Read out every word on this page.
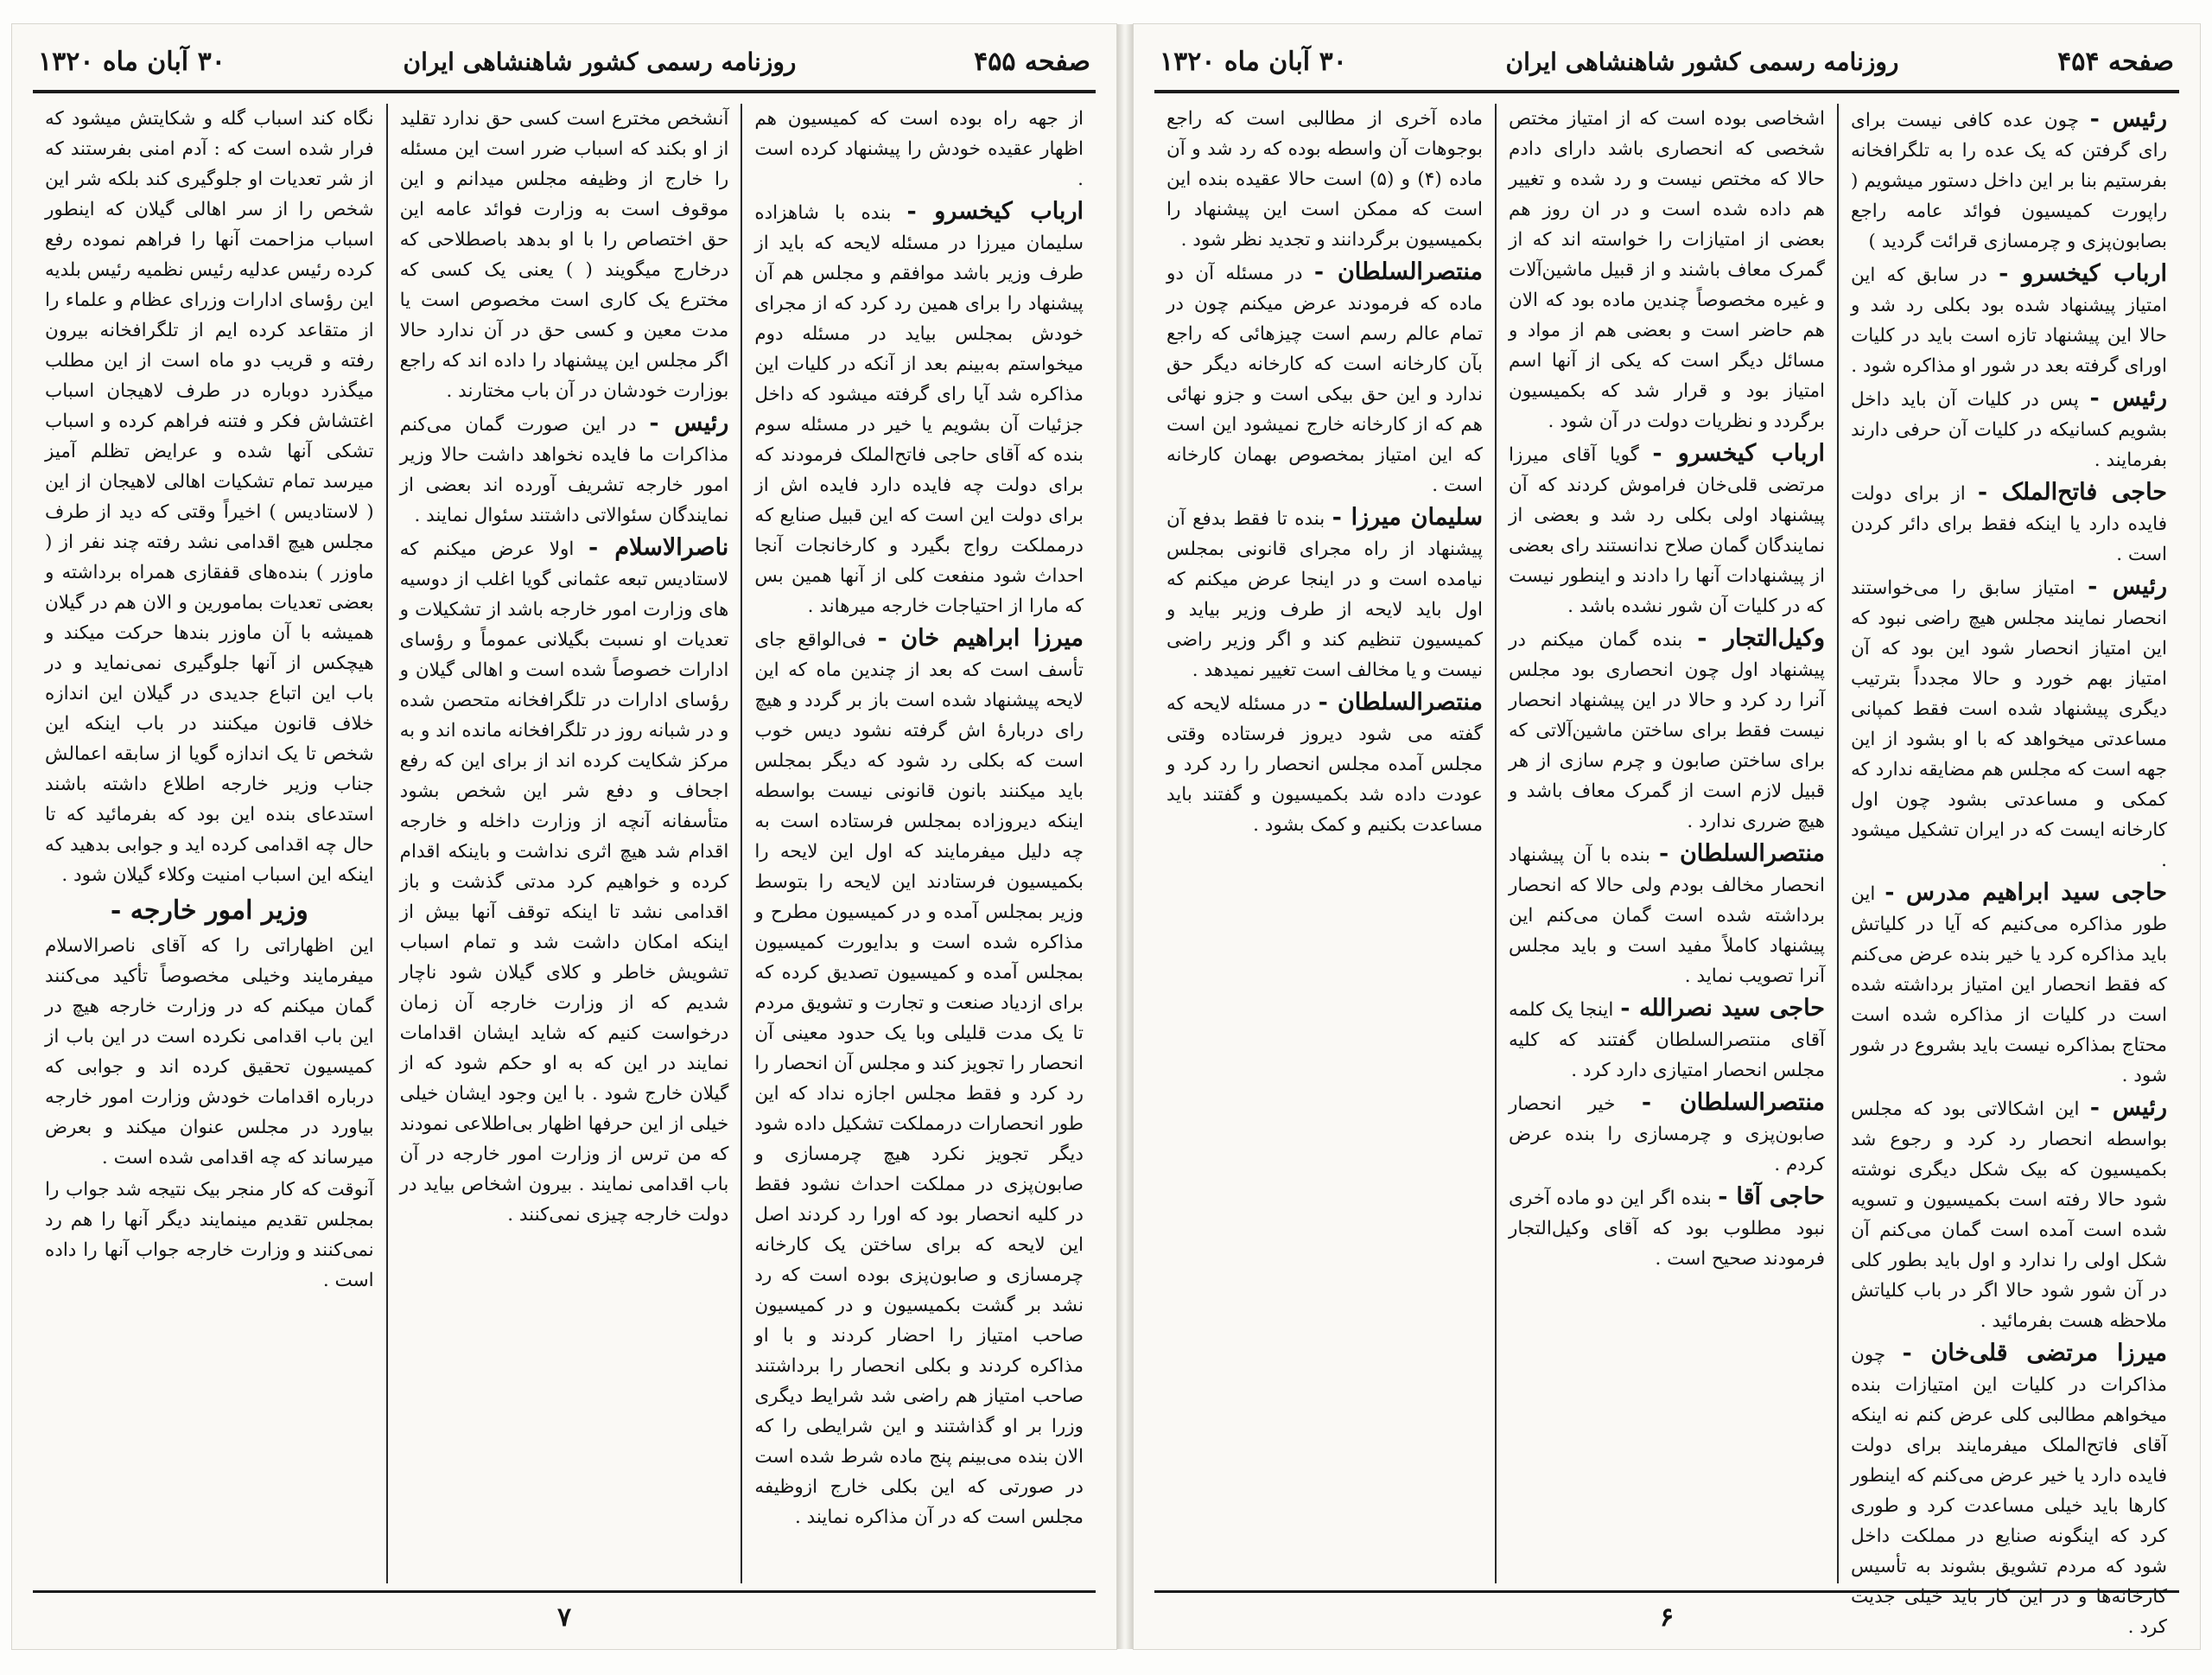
صفحه ۴۵۵
روزنامه رسمی کشور شاهنشاهی ایران
۳۰ آبان ماه ۱۳۲۰

از جهه راه بوده است که کمیسیون هم اظهار عقیده خودش را پیشنهاد کرده است .

ارباب کیخسرو - بنده با شاهزاده سلیمان میرزا در مسئله لایحه که باید از طرف وزیر باشد موافقم و مجلس هم آن پیشنهاد را برای همین رد کرد که از مجرای خودش بمجلس بیاید در مسئله دوم میخواستم به‌بینم بعد از آنکه در کلیات این مذاکره شد آیا رای گرفته میشود که داخل جزئیات آن بشویم یا خیر در مسئله سوم بنده که آقای حاجی فاتح‌الملک فرمودند که برای دولت چه فایده دارد فایده اش از برای دولت این است که این قبیل صنایع که درمملکت رواج بگیرد و کارخانجات آنجا احداث شود منفعت کلی از آنها همین بس که مارا از احتیاجات خارجه میرهاند .

میرزا ابراهیم خان - فی‌الواقع جای تأسف است که بعد از چندین ماه که این لایحه پیشنهاد شده است باز بر گردد و هیچ رای دربارهٔ اش گرفته نشود دیس خوب است که بکلی رد شود که دیگر بمجلس باید میکنند بانون قانونی نیست بواسطه اینکه دیروزاده بمجلس فرستاده است به چه دلیل میفرمایند که اول این لایحه را بکمیسیون فرستادند این لایحه را بتوسط وزیر بمجلس آمده و در کمیسیون مطرح و مذاکره شده است و بدایورت کمیسیون بمجلس آمده و کمیسیون تصدیق کرده که برای ازدیاد صنعت و تجارت و تشویق مردم تا یک مدت قلیلی وبا یک حدود معینی آن انحصار را تجویز کند و مجلس آن انحصار را رد کرد و فقط مجلس اجازه نداد که این طور انحصارات درمملکت تشکیل داده شود دیگر تجویز نکرد هیچ چرمسازی و صابون‌پزی در مملکت احداث نشود فقط در کلیه انحصار بود که اورا رد کردند اصل این لایحه که برای ساختن یک کارخانه چرمسازی و صابون‌پزی بوده است که رد نشد بر گشت بکمیسیون و در کمیسیون صاحب امتیاز را احضار کردند و با او مذاکره کردند و بکلی انحصار را برداشتند صاحب امتیاز هم راضی شد شرایط دیگری وزرا بر او گذاشتند و این شرایطی را که الان بنده می‌بینم پنج ماده شرط شده است در صورتی که این بکلی خارج ازوظیفه مجلس است که در آن مذاکره نمایند .

آنشخص مخترع است کسی حق ندارد تقلید از او بکند که اسباب ضرر است این مسئله را خارج از وظیفه مجلس میدانم و این موقوف است به وزارت فوائد عامه این حق اختصاص را با او بدهد باصطلاحی که درخارج میگویند ( ) یعنی یک کسی که مخترع یک کاری است مخصوص است یا مدت معین و کسی حق در آن ندارد حالا اگر مجلس این پیشنهاد را داده اند که راجع بوزارت خودشان در آن باب مختارند .

رئیس - در این صورت گمان می‌کنم مذاکرات ما فایده نخواهد داشت حالا وزیر امور خارجه تشریف آورده اند بعضی از نمایندگان سئوالاتی داشتند سئوال نمایند .

ناصرالاسلام - اولا عرض میکنم که لاستادیس تبعه عثمانی گویا اغلب از دوسیه های وزارت امور خارجه باشد از تشکیلات و تعدیات او نسبت بگیلانی عموماً و رؤسای ادارات خصوصاً شده است و اهالی گیلان و رؤسای ادارات در تلگرافخانه متحصن شده و در شبانه روز در تلگرافخانه مانده اند و به مرکز شکایت کرده اند از برای این که رفع اجحاف و دفع شر این شخص بشود متأسفانه آنچه از وزارت داخله و خارجه اقدام شد هیچ اثری نداشت و باینکه اقدام کرده و خواهیم کرد مدتی گذشت و باز اقدامی نشد تا اینکه توقف آنها بیش از اینکه امکان داشت شد و تمام اسباب تشویش خاطر و کلای گیلان شود ناچار شدیم که از وزارت خارجه آن زمان درخواست کنیم که شاید ایشان اقدامات نمایند در این که به او حکم شود که از گیلان خارج شود . با این وجود ایشان خیلی خیلی از این حرفها اظهار بی‌اطلاعی نمودند که من ترس از وزارت امور خارجه در آن باب اقدامی نمایند . بیرون اشخاص بیاید در دولت خارجه چیزی نمی‌کنند .

نگاه کند اسباب گله و شکایتش میشود که فرار شده است که : آدم امنی بفرستند که از شر تعدیات او جلوگیری کند بلکه شر این شخص را از سر اهالی گیلان که اینطور اسباب مزاحمت آنها را فراهم نموده رفع کرده رئیس عدلیه رئیس نظمیه رئیس بلدیه این رؤسای ادارات وزرای عظام و علماء را از متقاعد کرده ایم از تلگرافخانه بیرون رفته و قریب دو ماه است از این مطلب میگذرد دوباره در طرف لاهیجان اسباب اغتشاش فکر و فتنه فراهم کرده و اسباب تشکی آنها شده و عرایض تظلم آمیز میرسد تمام تشکیات اهالی لاهیجان از این ( لاستادیس ) اخیراً وقتی که دید از طرف مجلس هیچ اقدامی نشد رفته چند نفر از ( ماوزر ) بنده‌های قفقازی همراه برداشته و بعضی تعدیات بمامورین و الان هم در گیلان همیشه با آن ماوزر بندها حرکت میکند و هیچکس از آنها جلوگیری نمی‌نماید و در باب این اتباع جدیدی در گیلان این اندازه خلاف قانون میکنند در باب اینکه این شخص تا یک اندازه گویا از سابقه اعمالش جناب وزیر خارجه اطلاع داشته باشند استدعای بنده این بود که بفرمائید که تا حال چه اقدامی کرده اید و جوابی بدهید که اینکه این اسباب امنیت وکلاء گیلان شود .

وزیر امور خارجه -
این اظهاراتی را که آقای ناصرالاسلام میفرمایند وخیلی مخصوصاً تأکید می‌کنند گمان میکنم که در وزارت خارجه هیچ در این باب اقدامی نکرده است در این باب از کمیسیون تحقیق کرده اند و جوابی که درباره اقدامات خودش وزارت امور خارجه بیاورد در مجلس عنوان میکند و بعرض میرساند که چه اقدامی شده است .

آنوقت که کار منجر بیک نتیجه شد جواب را بمجلس تقدیم مینمایند دیگر آنها را هم رد نمی‌کنند و وزارت خارجه جواب آنها را داده است .

۷
صفحه ۴۵۴
روزنامه رسمی کشور شاهنشاهی ایران
۳۰ آبان ماه ۱۳۲۰

رئیس - چون عده کافی نیست برای رای گرفتن که یک عده را به تلگرافخانه بفرستیم بنا بر این داخل دستور میشویم ( راپورت کمیسیون فوائد عامه راجع بصابون‌پزی و چرمسازی قرائت گردید )

ارباب کیخسرو - در سابق که این امتیاز پیشنهاد شده بود بکلی رد شد و حالا این پیشنهاد تازه است باید در کلیات اورای گرفته بعد در شور او مذاکره شود .

رئیس - پس در کلیات آن باید داخل بشویم کسانیکه در کلیات آن حرفی دارند بفرمایند .

حاجی فاتح‌الملک - از برای دولت فایده دارد یا اینکه فقط برای دائر کردن است .

رئیس - امتیاز سابق را می‌خواستند انحصار نمایند مجلس هیچ راضی نبود که این امتیاز انحصار شود این بود که آن امتیاز بهم خورد و حالا مجدداً بترتیب دیگری پیشنهاد شده است فقط کمپانی مساعدتی میخواهد که با او بشود از این جهه است که مجلس هم مضایقه ندارد که کمکی و مساعدتی بشود چون اول کارخانه ایست که در ایران تشکیل میشود .

حاجی سید ابراهیم مدرس - این طور مذاکره می‌کنیم که آیا در کلیاتش باید مذاکره کرد یا خیر بنده عرض می‌کنم که فقط انحصار این امتیاز برداشته شده است در کلیات از مذاکره شده است محتاج بمذاکره نیست باید بشروع در شور شود .

رئیس - این اشکالاتی بود که مجلس بواسطه انحصار رد کرد و رجوع شد بکمیسیون که بیک شکل دیگری نوشته شود حالا رفته است بکمیسیون و تسویه شده است آمده است گمان می‌کنم آن شکل اولی را ندارد و اول باید بطور کلی در آن شور شود حالا اگر در باب کلیاتش ملاحظه هست بفرمائید .

میرزا مرتضی قلی‌خان - چون مذاکرات در کلیات این امتیازات بنده میخواهم مطالبی کلی عرض کنم نه اینکه آقای فاتح‌الملک میفرمایند برای دولت فایده دارد یا خیر عرض می‌کنم که اینطور کارها باید خیلی مساعدت کرد و طوری کرد که اینگونه صنایع در مملکت داخل شود که مردم تشویق بشوند به تأسیس کارخانه‌ها و در این کار باید خیلی جدیت کرد .

اشخاصی بوده است که از امتیاز مختص شخصی که انحصاری باشد دارای دادم حالا که مختص نیست و رد شده و تغییر هم داده شده است و در ان روز هم بعضی از امتیازات را خواسته اند که از گمرک معاف باشند و از قبیل ماشین‌آلات و غیره مخصوصاً چندین ماده بود که الان هم حاضر است و بعضی هم از مواد و مسائل دیگر است که یکی از آنها اسم امتیاز بود و قرار شد که بکمیسیون برگردد و نظریات دولت در آن شود .

ارباب کیخسرو - گویا آقای میرزا مرتضی قلی‌خان فراموش کردند که آن پیشنهاد اولی بکلی رد شد و بعضی از نمایندگان گمان صلاح ندانستند رای بعضی از پیشنهادات آنها را دادند و اینطور نیست که در کلیات آن شور نشده باشد .

وکیل‌التجار - بنده گمان میکنم در پیشنهاد اول چون انحصاری بود مجلس آنرا رد کرد و حالا در این پیشنهاد انحصار نیست فقط برای ساختن ماشین‌آلاتی که برای ساختن صابون و چرم سازی از هر قبیل لازم است از گمرک معاف باشد و هیچ ضرری ندارد .

منتصرالسلطان - بنده با آن پیشنهاد انحصار مخالف بودم ولی حالا که انحصار برداشته شده است گمان می‌کنم این پیشنهاد کاملاً مفید است و باید مجلس آنرا تصویب نماید .

حاجی سید نصرالله - اینجا یک کلمه آقای منتصرالسلطان گفتند که کلیه مجلس انحصار امتیازی دارد کرد .

منتصرالسلطان - خیر انحصار صابون‌پزی و چرمسازی را بنده عرض کردم .

حاجی آقا - بنده اگر این دو ماده آخری نبود مطلوب بود که آقای وکیل‌التجار فرمودند صحیح است .

ماده آخری از مطالبی است که راجع بوجوهات آن واسطه بوده که رد شد و آن ماده (۴) و (۵) است حالا عقیده بنده این است که ممکن است این پیشنهاد را بکمیسیون برگردانند و تجدید نظر شود .

منتصرالسلطان - در مسئله آن دو ماده که فرمودند عرض میکنم چون در تمام عالم رسم است چیزهائی که راجع بآن کارخانه است که کارخانه دیگر حق ندارد و این حق بیکی است و جزو نهائی هم که از کارخانه خارج نمیشود این است که این امتیاز بمخصوص بهمان کارخانه است .

سلیمان میرزا - بنده تا فقط بدفع آن پیشنهاد از راه مجرای قانونی بمجلس نیامده است و در اینجا عرض میکنم که اول باید لایحه از طرف وزیر بیاید و کمیسیون تنظیم کند و اگر وزیر راضی نیست و یا مخالف است تغییر نمیدهد .

منتصرالسلطان - در مسئله لایحه که گفته می شود دیروز فرستاده وقتی مجلس آمده مجلس انحصار را رد کرد و عودت داده شد بکمیسیون و گفتند باید مساعدت بکنیم و کمک بشود .

۶
